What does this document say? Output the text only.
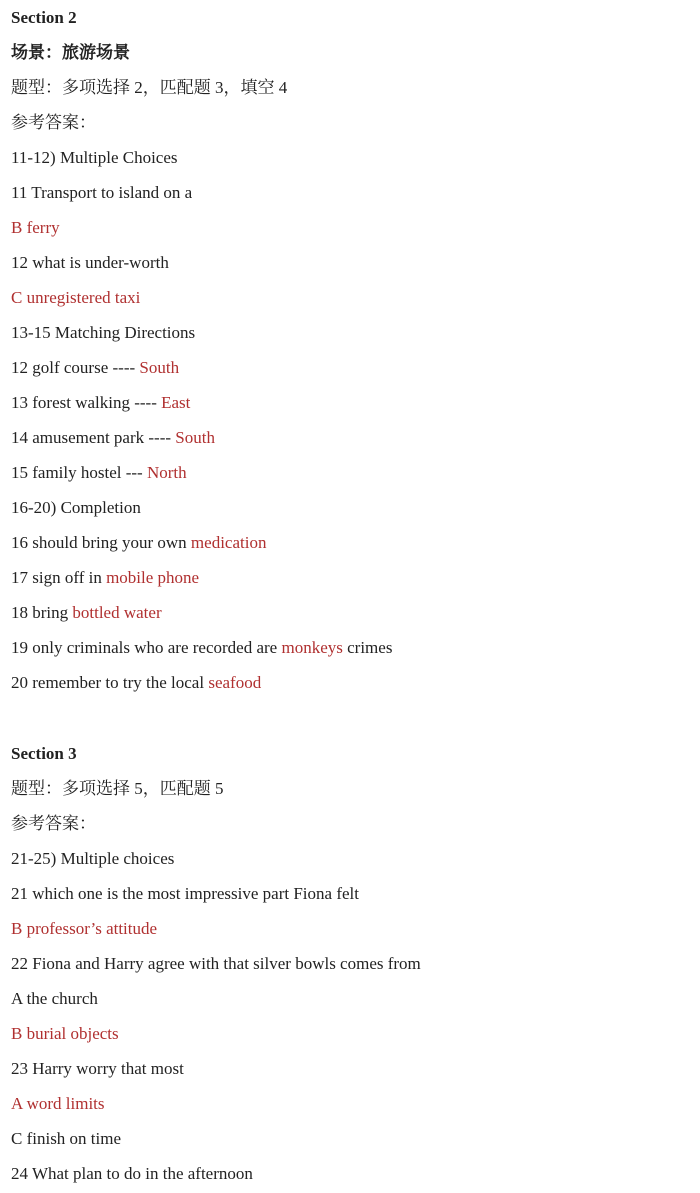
Section 2
场景：旅游场景
题型：多项选择 2，匹配题 3，填空 4
参考答案：
11-12) Multiple Choices
11 Transport to island on a
B ferry
12 what is under-worth
C unregistered taxi
13-15 Matching Directions
12 golf course ---- South
13 forest walking ---- East
14 amusement park ---- South
15 family hostel --- North
16-20) Completion
16 should bring your own medication
17 sign off in mobile phone
18 bring bottled water
19 only criminals who are recorded are monkeys crimes
20 remember to try the local seafood
Section 3
题型：多项选择 5，匹配题 5
参考答案：
21-25) Multiple choices
21 which one is the most impressive part Fiona felt
B professor’s attitude
22 Fiona and Harry agree with that silver bowls comes from
A the church
B burial objects
23 Harry worry that most
A word limits
C finish on time
24 What plan to do in the afternoon
